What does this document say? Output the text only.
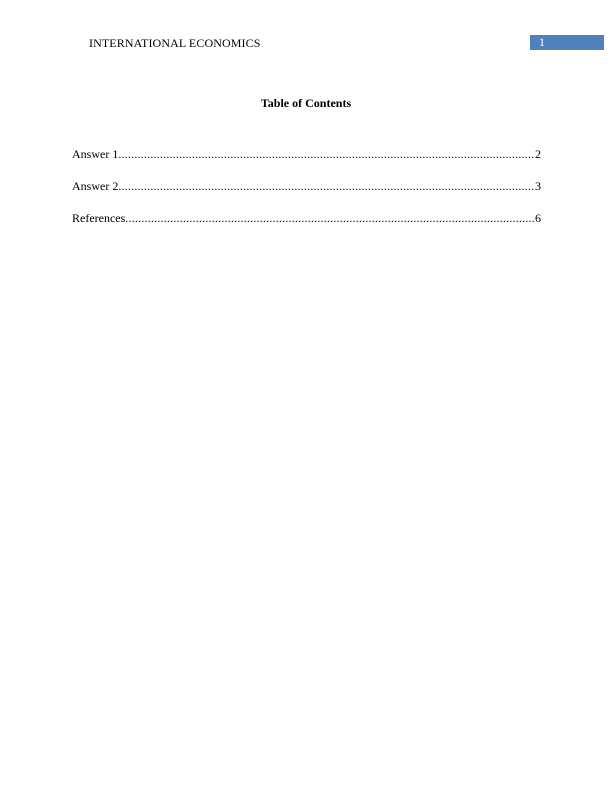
INTERNATIONAL ECONOMICS	1
Table of Contents
Answer 1 .....	2
Answer 2 .....	3
References .....	6
